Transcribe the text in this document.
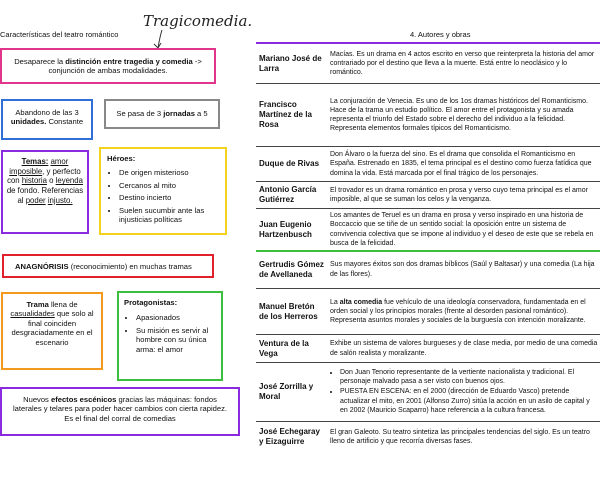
Características del teatro romántico
Tragicomedia.
Desaparece la distinción entre tragedia y comedia ->
conjunción de ambas modalidades.
Abandono de las 3
unidades. Constante
Se pasa de 3 jornadas a 5
Temas: amor imposible, y perfecto con historia o leyenda de fondo. Referencias al poder injusto.
Héroes:
• De origen misterioso
• Cercanos al mito
• Destino incierto
• Suelen sucumbir ante las injusticias políticas
ANAGNÓRISIS (reconocimiento) en muchas tramas
Trama llena de casualidades que solo al final coinciden desgraciadamente en el escenario
Protagonistas:
• Apasionados
• Su misión es servir al hombre con su única arma: el amor
Nuevos efectos escénicos gracias las máquinas: fondos laterales y telares para poder hacer cambios con cierta rapidez. Es el final del corral de comedias
4. Autores y obras
Mariano José de Larra
Macías. Es un drama en 4 actos escrito en verso que reinterpreta la historia del amor contrariado por el destino que lleva a la muerte. Está entre lo neoclásico y lo romántico.
Francisco Martínez de la Rosa
La conjuración de Venecia. Es uno de los 1os dramas históricos del Romanticismo. Hace de la trama un estudio político. El amor entre el protagonista y su amada representa el triunfo del Estado sobre el derecho del individuo a la felicidad. Representa elementos formales típicos del Romanticismo.
Duque de Rivas
Don Álvaro o la fuerza del sino. Es el drama que consolida el Romanticismo en España. Estrenado en 1835, el tema principal es el destino como fuerza fatídica que domina la vida. Está marcada por el final trágico de los personajes.
Antonio García Gutiérrez
El trovador es un drama romántico en prosa y verso cuyo tema principal es el amor imposible, al que se suman los celos y la venganza.
Juan Eugenio Hartzenbusch
Los amantes de Teruel es un drama en prosa y verso inspirado en una historia de Boccaccio que se tiñe de un sentido social: la oposición entre un sistema de convivencia colectiva que se impone al individuo y el deseo de este que se rebela en busca de la felicidad.
Gertrudis Gómez de Avellaneda
Sus mayores éxitos son dos dramas bíblicos (Saúl y Baltasar) y una comedia (La hija de las flores).
Manuel Bretón de los Herreros
La alta comedia fue vehículo de una ideología conservadora, fundamentada en el orden social y los principios morales (frente al desorden pasional romántico). Representa asuntos morales y sociales de la burguesía con intención moralizante.
Ventura de la Vega
Exhibe un sistema de valores burgueses y de clase media, por medio de una comedia de salón realista y moralizante.
José Zorrilla y Moral
• Don Juan Tenorio representante de la vertiente nacionalista y tradicional. El personaje malvado pasa a ser visto con buenos ojos.
• PUESTA EN ESCENA: en el 2000 (dirección de Eduardo Vasco) pretende actualizar el mito, en 2001 (Alfonso Zurro) sitúa la acción en un asilo de capital y en 2002 (Mauricio Scaparro) hace referencia a la cultura francesa.
José Echegaray y Eizaguirre
El gran Galeoto. Su teatro sintetiza las principales tendencias del siglo. Es un teatro lleno de artificio y que recorría diversas fases.
